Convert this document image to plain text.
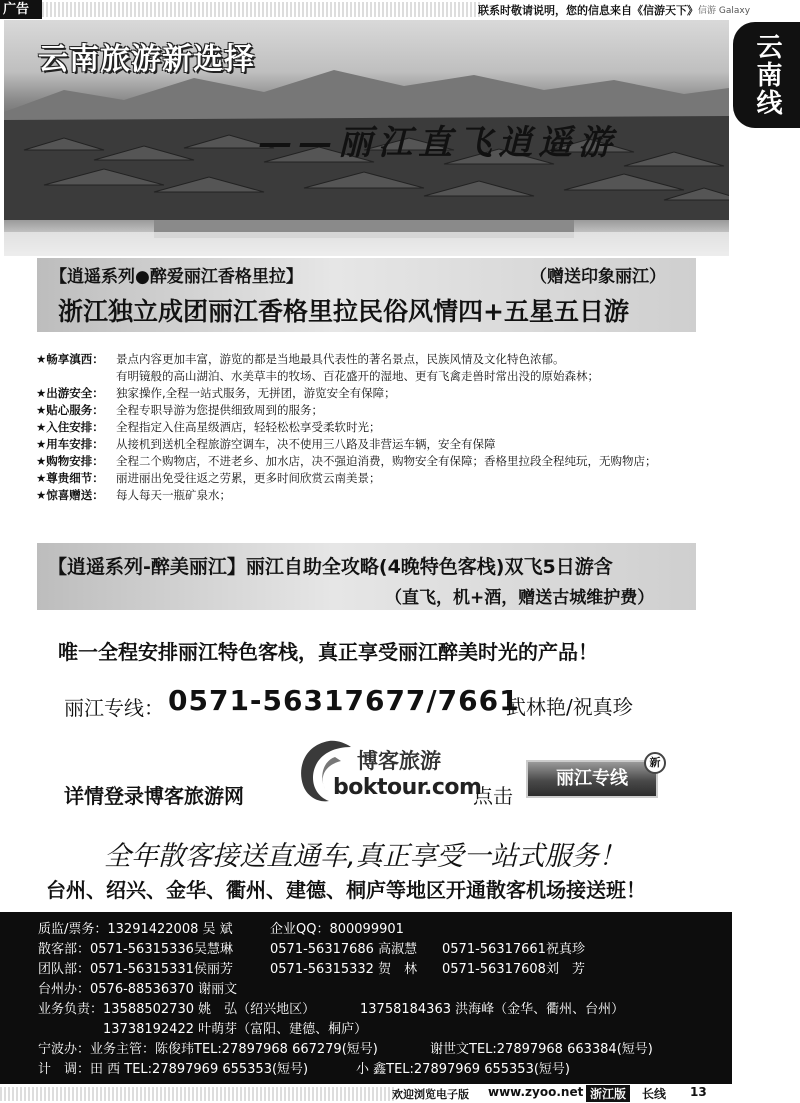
广告	联系时敬请说明，您的信息来自《信游天下》 信游 Galaxy
云南线
云南旅游新选择
——丽江直飞逍遥游
【逍遥系列●醉爱丽江香格里拉】	（赠送印象丽江）
浙江独立成团丽江香格里拉民俗风情四+五星五日游
★畅享滇西： 景点内容更加丰富，游览的都是当地最具代表性的著名景点，民族风情及文化特色浓郁。
有明镜般的高山湖泊、水美草丰的牧场、百花盛开的湿地、更有飞禽走兽时常出没的原始森林；
★出游安全： 独家操作,全程一站式服务，无拼团，游览安全有保障；
★贴心服务： 全程专职导游为您提供细致周到的服务；
★入住安排： 全程指定入住高星级酒店，轻轻松松享受柔软时光；
★用车安排： 从接机到送机全程旅游空调车，决不使用三八路及非营运车辆，安全有保障
★购物安排： 全程二个购物店，不进老乡、加水店，决不强迫消费，购物安全有保障；香格里拉段全程纯玩，无购物店；
★尊贵细节： 丽进丽出免受往返之劳累，更多时间欣赏云南美景；
★惊喜赠送： 每人每天一瓶矿泉水；
【逍遥系列-醉美丽江】丽江自助全攻略(4晚特色客栈)双飞5日游含
（直飞，机+酒，赠送古城维护费）
唯一全程安排丽江特色客栈，真正享受丽江醉美时光的产品！
丽江专线： 0571-56317677/7661
武林艳/祝真珍
详情登录博客旅游网
博客旅游
boktour.com
点击
丽江专线
新
全年散客接送直通车,真正享受一站式服务！
台州、绍兴、金华、衢州、建德、桐庐等地区开通散客机场接送班！
质监/票务：13291422008 吴 斌	企业QQ：800099901
散客部：0571-56315336吴慧琳	0571-56317686 高淑慧 0571-56317661祝真珍
团队部：0571-56315331侯丽芳	0571-56315332 贺　林 0571-56317608刘　芳
台州办：0576-88536370 谢丽文
业务负责：13588502730 姚　弘（绍兴地区）	13758184363 洪海峰（金华、衢州、台州）
　　　　　13738192422 叶萌芽（富阳、建德、桐庐）
宁波办：业务主管：陈俊玮TEL:27897968 667279(短号)	谢世文TEL:27897968 663384(短号)
计　调：田 西 TEL:27897969 655353(短号)	小 鑫TEL:27897969 655353(短号)
欢迎浏览电子版 www.zyoo.net 浙江版	长线 13
